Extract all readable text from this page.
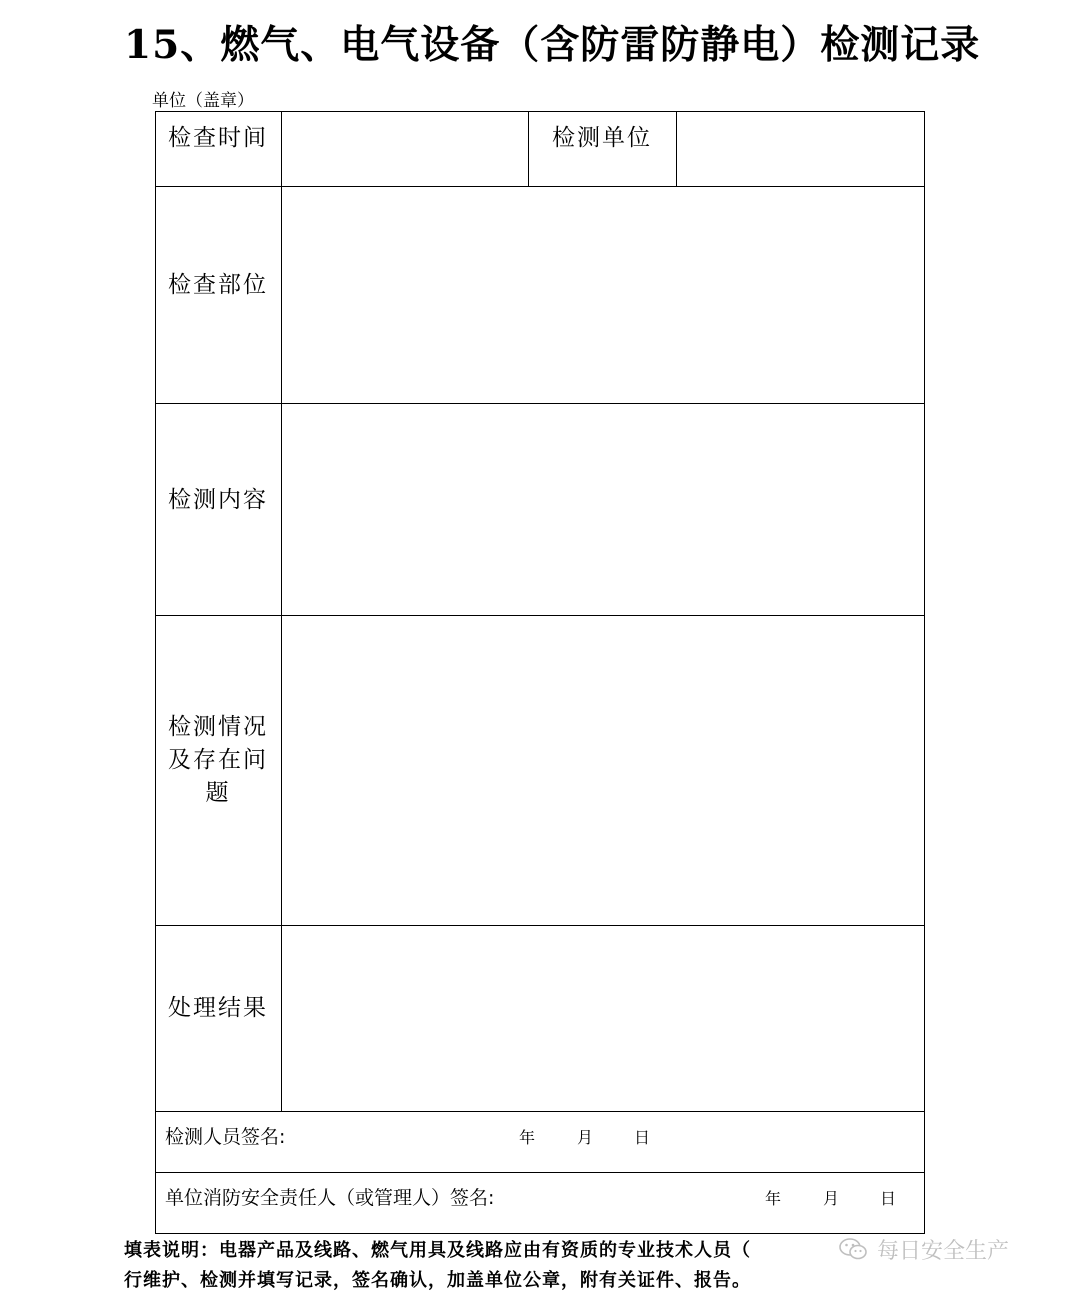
15、燃气、电气设备（含防雷防静电）检测记录
单位（盖章）
检查时间	检测单位
检查部位
检测内容
检测情况及存在问题
处理结果
检测人员签名:	年	月	日
单位消防安全责任人（或管理人）签名:	年	月	日
填表说明：电器产品及线路、燃气用具及线路应由有资质的专业技术人员（
行维护、检测并填写记录，签名确认，加盖单位公章，附有关证件、报告。
每日安全生产
